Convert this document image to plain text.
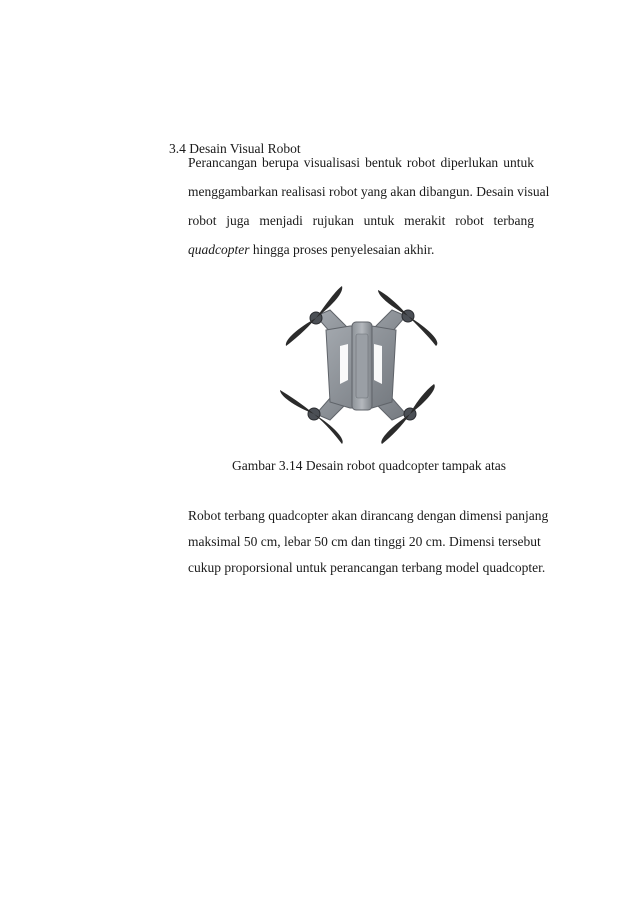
3.4 Desain Visual Robot
Perancangan berupa visualisasi bentuk robot diperlukan untuk
menggambarkan realisasi robot yang akan dibangun. Desain visual
robot juga menjadi rujukan untuk merakit robot terbang
quadcopter hingga proses penyelesaian akhir.

Gambar 3.14 Desain robot quadcopter tampak atas

Robot terbang quadcopter akan dirancang dengan dimensi panjang
maksimal 50 cm, lebar 50 cm dan tinggi 20 cm. Dimensi tersebut
cukup proporsional untuk perancangan terbang model quadcopter.
